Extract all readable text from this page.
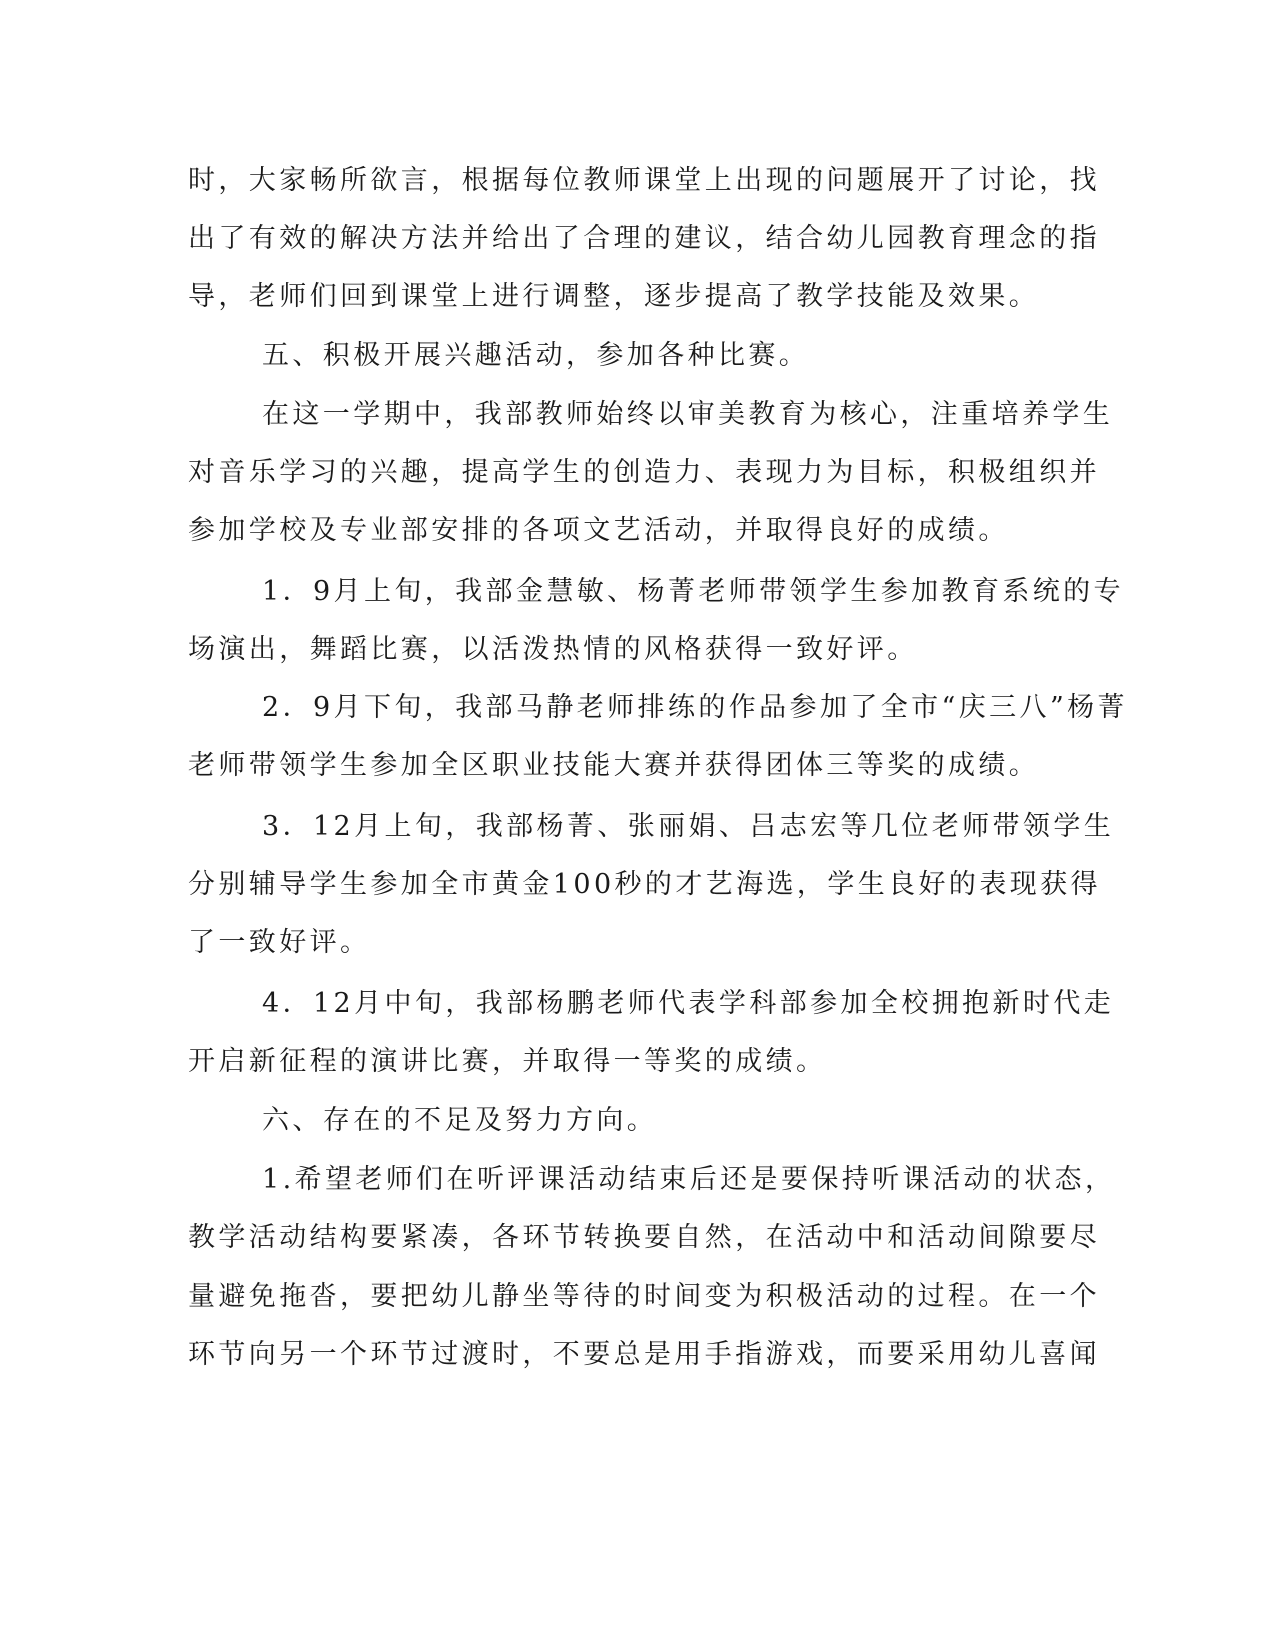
时，大家畅所欲言，根据每位教师课堂上出现的问题展开了讨论，找
出了有效的解决方法并给出了合理的建议，结合幼儿园教育理念的指
导，老师们回到课堂上进行调整，逐步提高了教学技能及效果。
五、积极开展兴趣活动，参加各种比赛。
在这一学期中，我部教师始终以审美教育为核心，注重培养学生
对音乐学习的兴趣，提高学生的创造力、表现力为目标，积极组织并
参加学校及专业部安排的各项文艺活动，并取得良好的成绩。
1．9月上旬，我部金慧敏、杨菁老师带领学生参加教育系统的专
场演出，舞蹈比赛，以活泼热情的风格获得一致好评。
2．9月下旬，我部马静老师排练的作品参加了全市“庆三八”杨菁
老师带领学生参加全区职业技能大赛并获得团体三等奖的成绩。
3．12月上旬，我部杨菁、张丽娟、吕志宏等几位老师带领学生
分别辅导学生参加全市黄金100秒的才艺海选，学生良好的表现获得
了一致好评。
4．12月中旬，我部杨鹏老师代表学科部参加全校拥抱新时代走
开启新征程的演讲比赛，并取得一等奖的成绩。
六、存在的不足及努力方向。
1.希望老师们在听评课活动结束后还是要保持听课活动的状态，
教学活动结构要紧凑，各环节转换要自然，在活动中和活动间隙要尽
量避免拖沓，要把幼儿静坐等待的时间变为积极活动的过程。在一个
环节向另一个环节过渡时，不要总是用手指游戏，而要采用幼儿喜闻
